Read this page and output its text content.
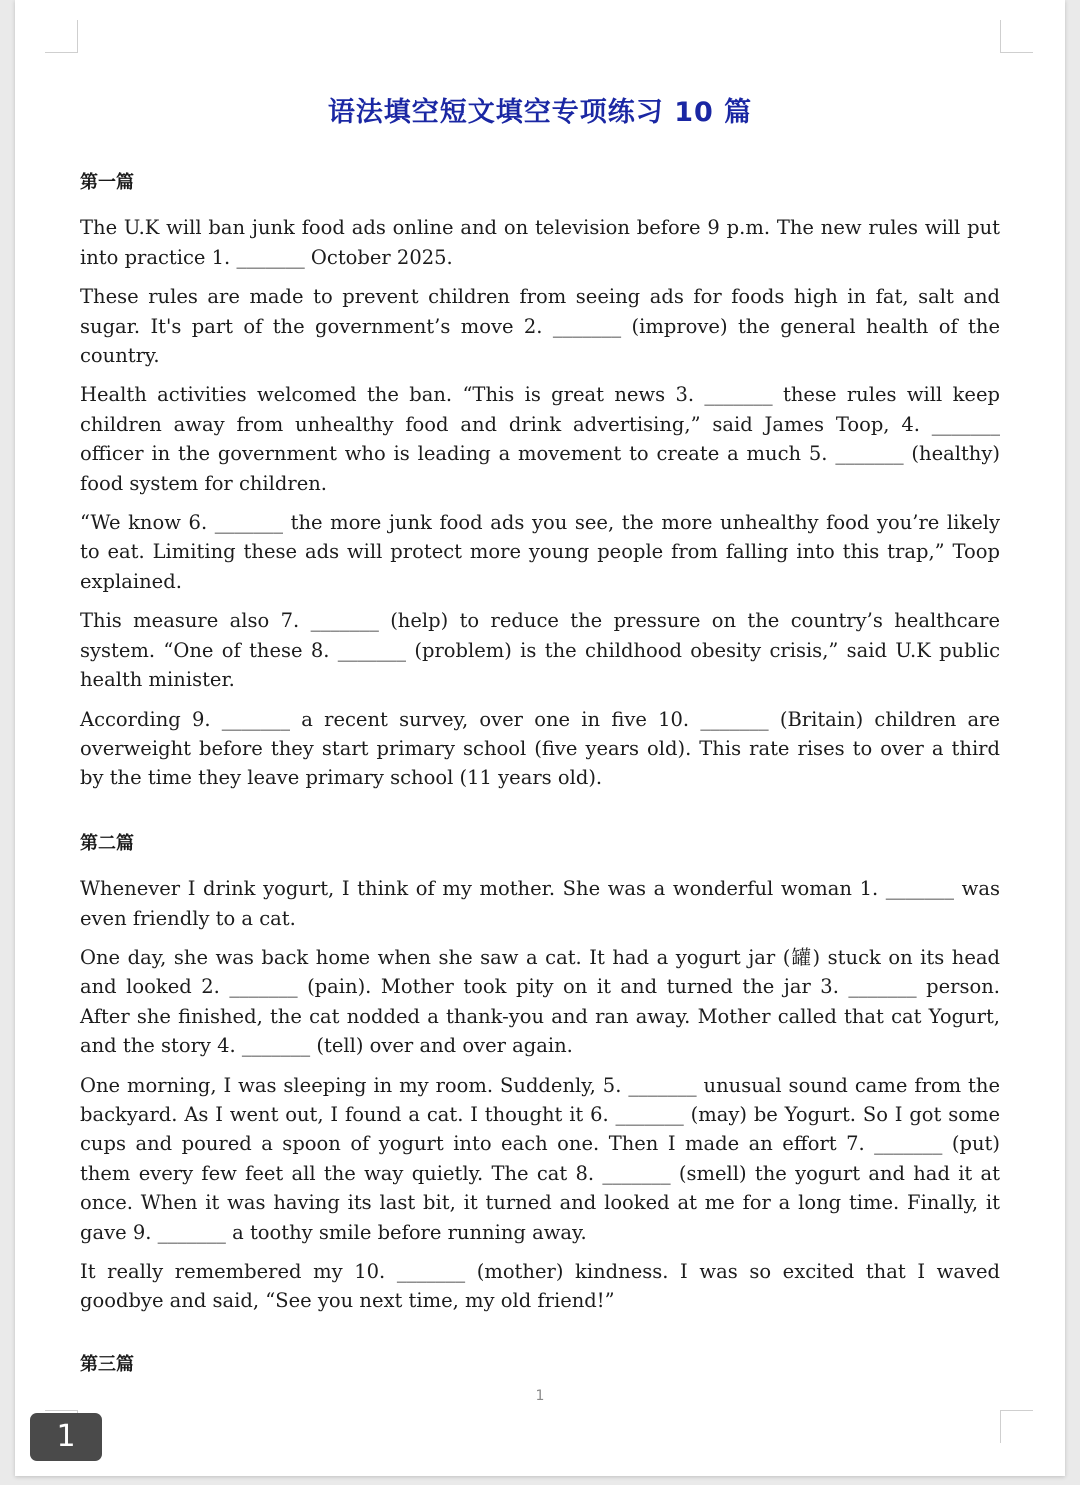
语法填空短文填空专项练习 10 篇
第一篇

The U.K will ban junk food ads online and on television before 9 p.m. The new rules will put into practice 1. _______ October 2025.

These rules are made to prevent children from seeing ads for foods high in fat, salt and sugar. It's part of the government’s move 2. _______ (improve) the general health of the country.

Health activities welcomed the ban. “This is great news 3. _______ these rules will keep children away from unhealthy food and drink advertising,” said James Toop, 4. _______ officer in the government who is leading a movement to create a much 5. _______ (healthy) food system for children.

“We know 6. _______ the more junk food ads you see, the more unhealthy food you’re likely to eat. Limiting these ads will protect more young people from falling into this trap,” Toop explained.

This measure also 7. _______ (help) to reduce the pressure on the country’s healthcare system. “One of these 8. _______ (problem) is the childhood obesity crisis,” said U.K public health minister.

According 9. _______ a recent survey, over one in five 10. _______ (Britain) children are overweight before they start primary school (five years old). This rate rises to over a third by the time they leave primary school (11 years old).

第二篇

Whenever I drink yogurt, I think of my mother. She was a wonderful woman 1. _______ was even friendly to a cat.

One day, she was back home when she saw a cat. It had a yogurt jar (罐) stuck on its head and looked 2. _______ (pain). Mother took pity on it and turned the jar 3. _______ person. After she finished, the cat nodded a thank-you and ran away. Mother called that cat Yogurt, and the story 4. _______ (tell) over and over again.

One morning, I was sleeping in my room. Suddenly, 5. _______ unusual sound came from the backyard. As I went out, I found a cat. I thought it 6. _______ (may) be Yogurt. So I got some cups and poured a spoon of yogurt into each one. Then I made an effort 7. _______ (put) them every few feet all the way quietly. The cat 8. _______ (smell) the yogurt and had it at once. When it was having its last bit, it turned and looked at me for a long time. Finally, it gave 9. _______ a toothy smile before running away.

It really remembered my 10. _______ (mother) kindness. I was so excited that I waved goodbye and said, “See you next time, my old friend!”

第三篇
1
1
